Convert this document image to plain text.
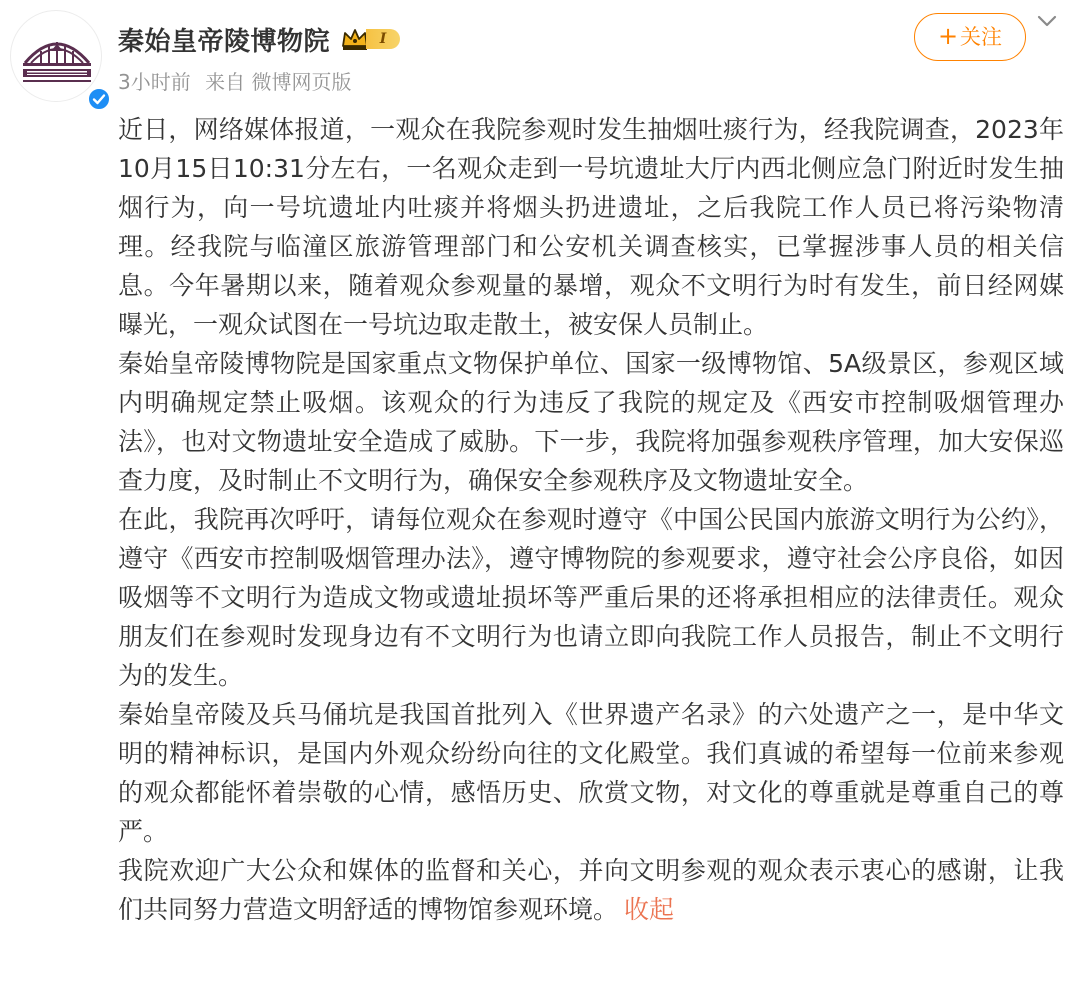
秦始皇帝陵博物院	I
3小时前 来自 微博网页版
+关注

近日，网络媒体报道，一观众在我院参观时发生抽烟吐痰行为，经我院调查，2023年10月15日10:31分左右，一名观众走到一号坑遗址大厅内西北侧应急门附近时发生抽烟行为，向一号坑遗址内吐痰并将烟头扔进遗址，之后我院工作人员已将污染物清理。经我院与临潼区旅游管理部门和公安机关调查核实，已掌握涉事人员的相关信息。今年暑期以来，随着观众参观量的暴增，观众不文明行为时有发生，前日经网媒曝光，一观众试图在一号坑边取走散土，被安保人员制止。

秦始皇帝陵博物院是国家重点文物保护单位、国家一级博物馆、5A级景区，参观区域内明确规定禁止吸烟。该观众的行为违反了我院的规定及《西安市控制吸烟管理办法》，也对文物遗址安全造成了威胁。下一步，我院将加强参观秩序管理，加大安保巡查力度，及时制止不文明行为，确保安全参观秩序及文物遗址安全。

在此，我院再次呼吁，请每位观众在参观时遵守《中国公民国内旅游文明行为公约》，遵守《西安市控制吸烟管理办法》，遵守博物院的参观要求，遵守社会公序良俗，如因吸烟等不文明行为造成文物或遗址损坏等严重后果的还将承担相应的法律责任。观众朋友们在参观时发现身边有不文明行为也请立即向我院工作人员报告，制止不文明行为的发生。

秦始皇帝陵及兵马俑坑是我国首批列入《世界遗产名录》的六处遗产之一，是中华文明的精神标识，是国内外观众纷纷向往的文化殿堂。我们真诚的希望每一位前来参观的观众都能怀着崇敬的心情，感悟历史、欣赏文物，对文化的尊重就是尊重自己的尊严。

我院欢迎广大公众和媒体的监督和关心，并向文明参观的观众表示衷心的感谢，让我们共同努力营造文明舒适的博物馆参观环境。 收起
